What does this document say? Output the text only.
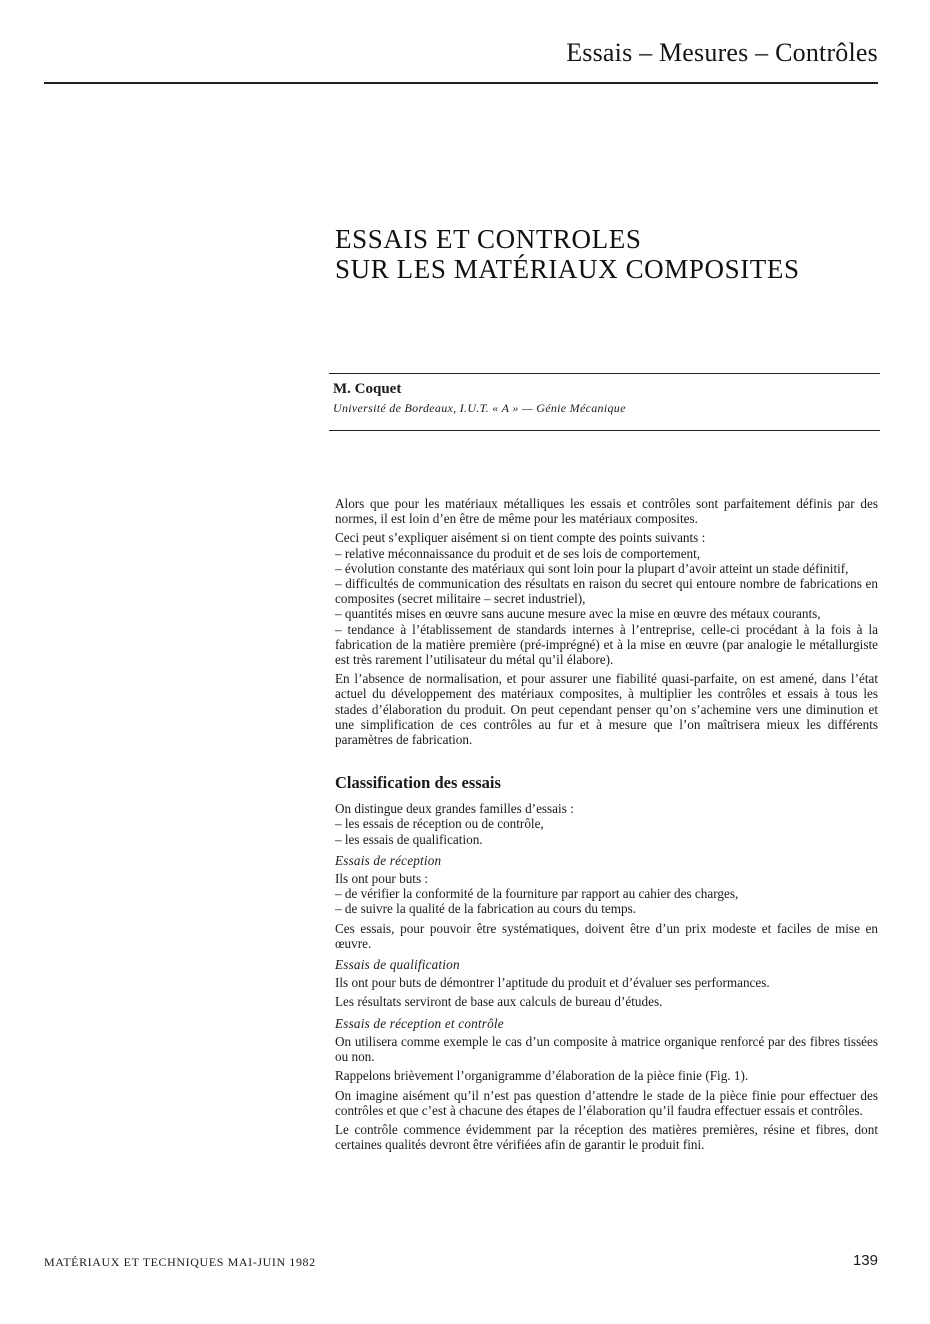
Essais – Mesures – Contrôles
ESSAIS ET CONTROLES
SUR LES MATÉRIAUX COMPOSITES
M. Coquet
Université de Bordeaux, I.U.T. « A » — Génie Mécanique

Alors que pour les matériaux métalliques les essais et contrôles sont parfaitement définis par des normes, il est loin d’en être de même pour les matériaux composites.

Ceci peut s’expliquer aisément si on tient compte des points suivants :

– relative méconnaissance du produit et de ses lois de comportement,

– évolution constante des matériaux qui sont loin pour la plupart d’avoir atteint un stade définitif,

– difficultés de communication des résultats en raison du secret qui entoure nombre de fabrications en composites (secret militaire – secret industriel),

– quantités mises en œuvre sans aucune mesure avec la mise en œuvre des métaux courants,

– tendance à l’établissement de standards internes à l’entreprise, celle-ci procédant à la fois à la fabrication de la matière première (pré-imprégné) et à la mise en œuvre (par analogie le métallurgiste est très rarement l’utilisateur du métal qu’il élabore).

En l’absence de normalisation, et pour assurer une fiabilité quasi-parfaite, on est amené, dans l’état actuel du développement des matériaux composites, à multiplier les contrôles et essais à tous les stades d’élaboration du produit. On peut cependant penser qu’on s’achemine vers une diminution et une simplification de ces contrôles au fur et à mesure que l’on maîtrisera mieux les différents paramètres de fabrication.

Classification des essais

On distingue deux grandes familles d’essais :

– les essais de réception ou de contrôle,

– les essais de qualification.

Essais de réception

Ils ont pour buts :

– de vérifier la conformité de la fourniture par rapport au cahier des charges,

– de suivre la qualité de la fabrication au cours du temps.

Ces essais, pour pouvoir être systématiques, doivent être d’un prix modeste et faciles de mise en œuvre.

Essais de qualification

Ils ont pour buts de démontrer l’aptitude du produit et d’évaluer ses performances.

Les résultats serviront de base aux calculs de bureau d’études.

Essais de réception et contrôle

On utilisera comme exemple le cas d’un composite à matrice organique renforcé par des fibres tissées ou non.

Rappelons brièvement l’organigramme d’élaboration de la pièce finie (Fig. 1).

On imagine aisément qu’il n’est pas question d’attendre le stade de la pièce finie pour effectuer des contrôles et que c’est à chacune des étapes de l’élaboration qu’il faudra effectuer essais et contrôles.

Le contrôle commence évidemment par la réception des matières premières, résine et fibres, dont certaines qualités devront être vérifiées afin de garantir le produit fini.

MATÉRIAUX ET TECHNIQUES MAI-JUIN 1982	139
